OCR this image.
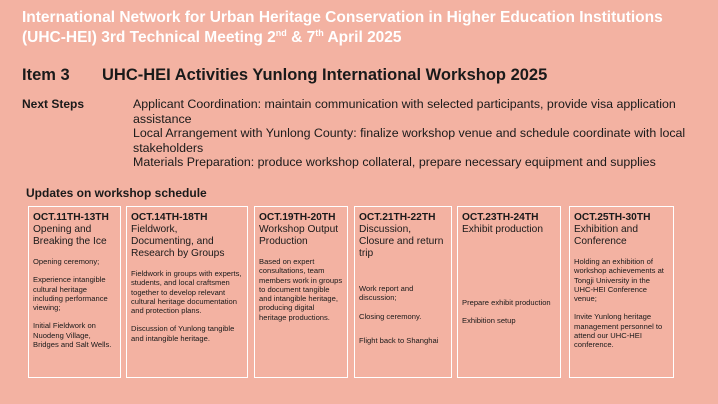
International Network for Urban Heritage Conservation in Higher Education Institutions
(UHC-HEI) 3rd Technical Meeting 2nd & 7th April 2025
Item 3 UHC-HEI Activities Yunlong International Workshop 2025
Next Steps	Applicant Coordination: maintain communication with selected participants, provide visa application assistance
Local Arrangement with Yunlong County: finalize workshop venue and schedule coordinate with local stakeholders
Materials Preparation: produce workshop collateral, prepare necessary equipment and supplies
Updates on workshop schedule
OCT.11TH-13TH
Opening and Breaking the Ice

Opening ceremony;

Experience intangible cultural heritage including performance viewing;

Initial Fieldwork on Nuodeng Village, Bridges and Salt Wells.

OCT.14TH-18TH
Fieldwork, Documenting, and Research by Groups

Fieldwork in groups with experts, students, and local craftsmen together to develop relevant cultural heritage documentation and protection plans.

Discussion of Yunlong tangible and intangible heritage.

OCT.19TH-20TH
Workshop Output Production

Based on expert consultations, team members work in groups to document tangible and intangible heritage, producing digital heritage productions.

OCT.21TH-22TH
Discussion, Closure and return trip

Work report and discussion;

Closing ceremony.

Flight back to Shanghai

OCT.23TH-24TH
Exhibit production

Prepare exhibit production

Exhibition setup

OCT.25TH-30TH
Exhibition and Conference

Holding an exhibition of workshop achievements at Tongji University in the UHC-HEI Conference venue;

Invite Yunlong heritage management personnel to attend our UHC-HEI conference.
